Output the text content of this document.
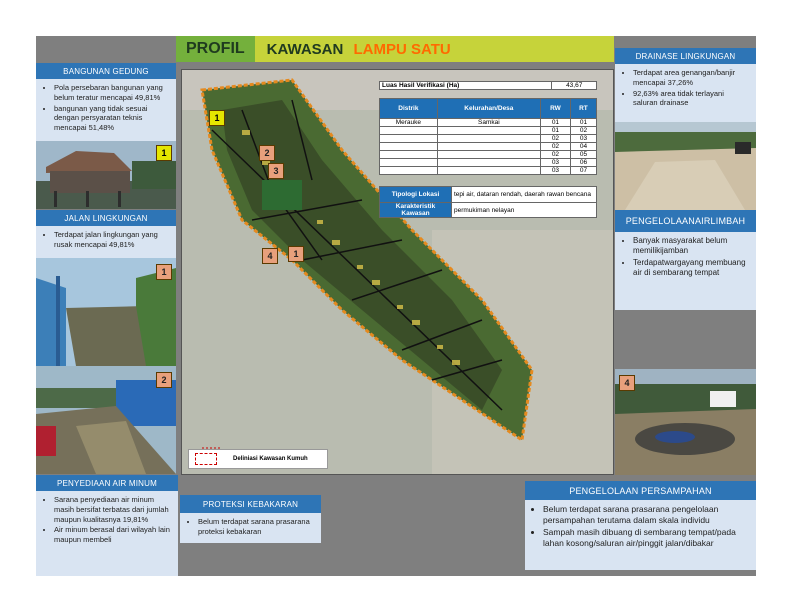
PROFIL	KAWASAN LAMPU SATU
BANGUNAN GEDUNG
• Pola persebaran bangunan yang belum teratur mencapai 49,81%
• bangunan yang tidak sesuai dengan persyaratan teknis mencapai 51,48%
1
JALAN LINGKUNGAN
• Terdapat jalan lingkungan yang rusak mencapai 49,81%
1
2
1
2
3
4	1
Luas Hasil Verifikasi (Ha)	43,67
Distrik	Kelurahan/Desa	RW	RT
Merauke	Samkai	01	01
		01	02
		02	03
		02	04
		02	05
		03	06
		03	07
Tipologi Lokasi	tepi air, dataran rendah, daerah rawan bencana
Karakteristik Kawasan	permukiman nelayan
Deliniasi Kawasan Kumuh
DRAINASE LINGKUNGAN
• Terdapat area genangan/banjir mencapai 37,26%
• 92,63% area tidak terlayani saluran drainase
PENGELOLAANAIRLIMBAH
• Banyak masyarakat belum memilikijamban
• Terdapatwargayang membuang air di sembarang tempat
4
PENYEDIAAN AIR MINUM
• Sarana penyediaan air minum masih bersifat terbatas dari jumlah maupun kualitasnya 19,81%
• Air minum berasal dari wilayah lain maupun membeli
PROTEKSI KEBAKARAN
• Belum terdapat sarana prasarana proteksi kebakaran
PENGELOLAAN PERSAMPAHAN
• Belum terdapat sarana prasarana pengelolaan persampahan terutama dalam skala individu
• Sampah masih dibuang di sembarang tempat/pada lahan kosong/saluran air/pinggit jalan/dibakar
